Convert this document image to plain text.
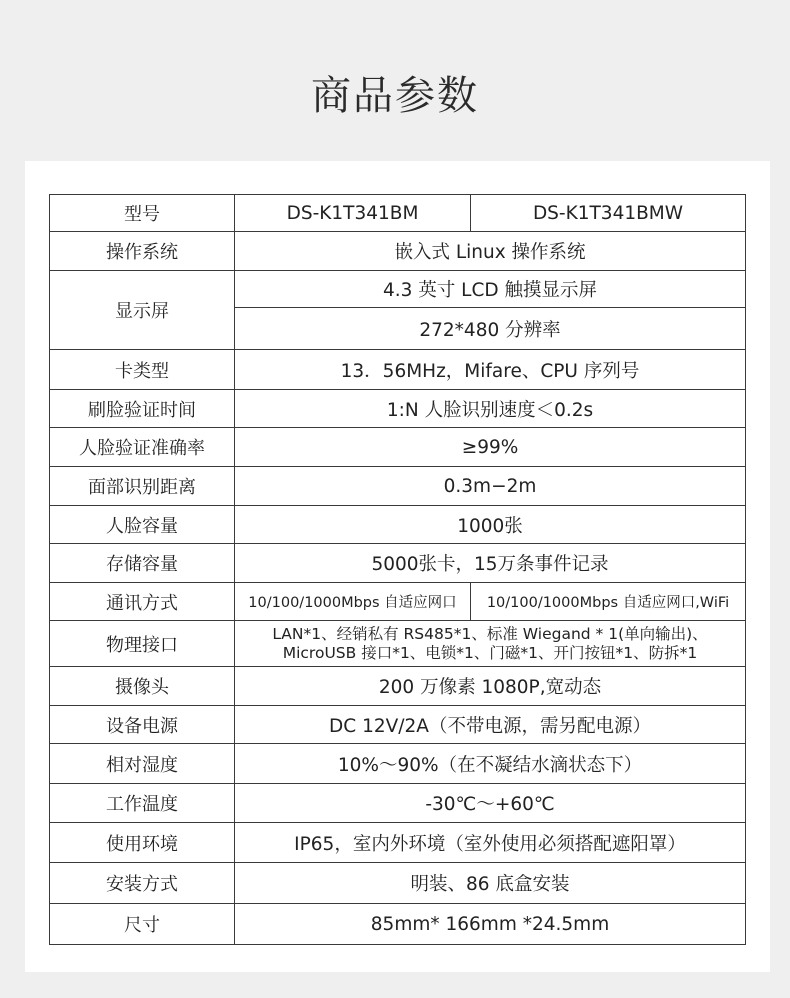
商品参数
型号	DS-K1T341BM	DS-K1T341BMW
操作系统	嵌入式 Linux 操作系统	
显示屏	4.3 英寸 LCD 触摸显示屏	
	272*480 分辨率	
卡类型	13．56MHz，Mifare、CPU 序列号	
刷脸验证时间	1:N 人脸识别速度＜0.2s	
人脸验证准确率	≥99%	
面部识别距离	0.3m−2m	
人脸容量	1000张	
存储容量	5000张卡，15万条事件记录	
通讯方式	10/100/1000Mbps 自适应网口	10/100/1000Mbps 自适应网口,WiFi
物理接口	LAN*1、经销私有 RS485*1、标准 Wiegand * 1(单向输出)、
MicroUSB 接口*1、电锁*1、门磁*1、开门按钮*1、防拆*1	

摄像头	200 万像素 1080P,宽动态	
设备电源	DC 12V/2A（不带电源，需另配电源）	
相对湿度	10%～90%（在不凝结水滴状态下）	
工作温度	-30℃～+60℃	
使用环境	IP65，室内外环境（室外使用必须搭配遮阳罩）	
安装方式	明装、86 底盒安装	
尺寸	85mm* 166mm *24.5mm	
